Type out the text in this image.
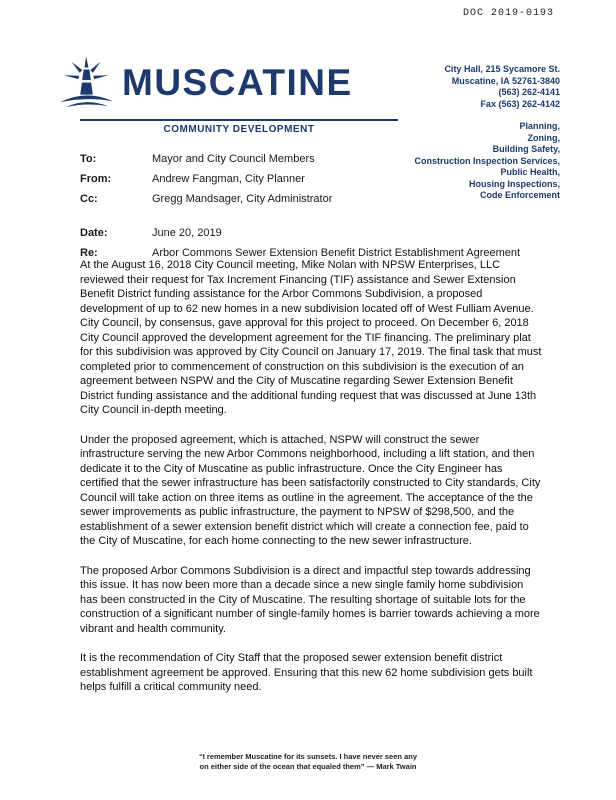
DOC 2019-0193
MUSCATINE	City Hall, 215 Sycamore St.
Muscatine, IA 52761-3840
(563) 262-4141
Fax (563) 262-4142
COMMUNITY DEVELOPMENT	Planning,
Zoning,
Building Safety,
Construction Inspection Services,
Public Health,
Housing Inspections,
Code Enforcement
To:	Mayor and City Council Members
From:	Andrew Fangman, City Planner
Cc:	Gregg Mandsager, City Administrator
Date:	June 20, 2019
Re:	Arbor Commons Sewer Extension Benefit District Establishment Agreement

At the August 16, 2018 City Council meeting, Mike Nolan with NPSW Enterprises, LLC reviewed their request for Tax Increment Financing (TIF) assistance and Sewer Extension Benefit District funding assistance for the Arbor Commons Subdivision, a proposed development of up to 62 new homes in a new subdivision located off of West Fulliam Avenue. City Council, by consensus, gave approval for this project to proceed. On December 6, 2018 City Council approved the development agreement for the TIF financing. The preliminary plat for this subdivision was approved by City Council on January 17, 2019. The final task that must completed prior to commencement of construction on this subdivision is the execution of an agreement between NSPW and the City of Muscatine regarding Sewer Extension Benefit District funding assistance and the additional funding request that was discussed at June 13th City Council in-depth meeting.

Under the proposed agreement, which is attached, NSPW will construct the sewer infrastructure serving the new Arbor Commons neighborhood, including a lift station, and then dedicate it to the City of Muscatine as public infrastructure. Once the City Engineer has certified that the sewer infrastructure has been satisfactorily constructed to City standards, City Council will take action on three items as outline in the agreement. The acceptance of the the sewer improvements as public infrastructure, the payment to NPSW of $298,500, and the establishment of a sewer extension benefit district which will create a connection fee, paid to the City of Muscatine, for each home connecting to the new sewer infrastructure.

The proposed Arbor Commons Subdivision is a direct and impactful step towards addressing this issue. It has now been more than a decade since a new single family home subdivision has been constructed in the City of Muscatine. The resulting shortage of suitable lots for the construction of a significant number of single-family homes is barrier towards achieving a more vibrant and health community.

It is the recommendation of City Staff that the proposed sewer extension benefit district establishment agreement be approved. Ensuring that this new 62 home subdivision gets built helps fulfill a critical community need.

“I remember Muscatine for its sunsets. I have never seen any
on either side of the ocean that equaled them” — Mark Twain
